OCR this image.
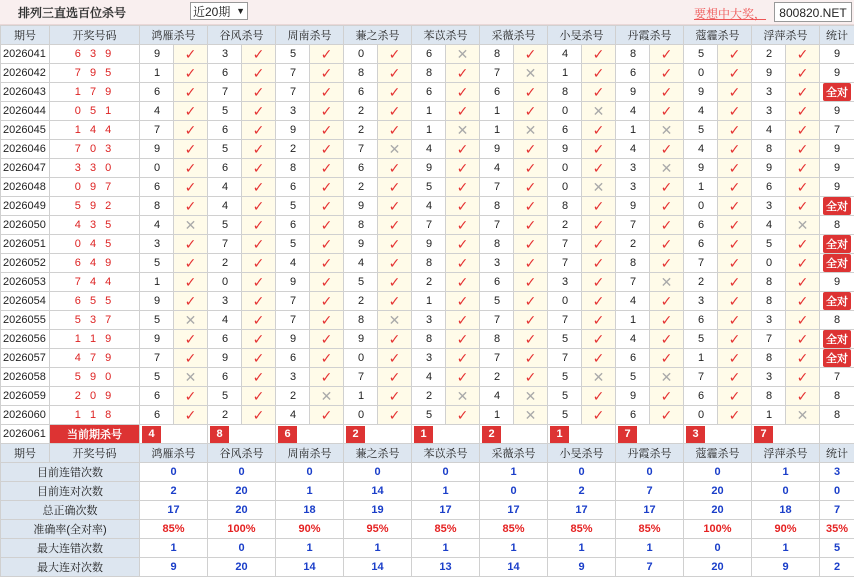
排列三直选百位杀号	近20期 ▼	要想中大奖，	800820.NET
期号	开奖号码	鸿雁杀号		谷风杀号		周南杀号		蒹之杀号		苯苡杀号		采薇杀号		小旻杀号		丹霞杀号		蔻霾杀号		浮萍杀号		统计
2026041	6 3 9	9	✓	3	✓	5	✓	0	✓	6	✕	8	✓	4	✓	8	✓	5	✓	2	✓	9
2026042	7 9 5	1	✓	6	✓	7	✓	8	✓	8	✓	7	✕	1	✓	6	✓	0	✓	9	✓	9
2026043	1 7 9	6	✓	7	✓	7	✓	6	✓	6	✓	6	✓	8	✓	9	✓	9	✓	3	✓	全对
2026044	0 5 1	4	✓	5	✓	3	✓	2	✓	1	✓	1	✓	0	✕	4	✓	4	✓	3	✓	9
2026045	1 4 4	7	✓	6	✓	9	✓	2	✓	1	✕	1	✕	6	✓	1	✕	5	✓	4	✓	7
2026046	7 0 3	9	✓	5	✓	2	✓	7	✕	4	✓	9	✓	9	✓	4	✓	4	✓	8	✓	9
2026047	3 3 0	0	✓	6	✓	8	✓	6	✓	9	✓	4	✓	0	✓	3	✕	9	✓	9	✓	9
2026048	0 9 7	6	✓	4	✓	6	✓	2	✓	5	✓	7	✓	0	✕	3	✓	1	✓	6	✓	9
2026049	5 9 2	8	✓	4	✓	5	✓	9	✓	4	✓	8	✓	8	✓	9	✓	0	✓	3	✓	全对
2026050	4 3 5	4	✕	5	✓	6	✓	8	✓	7	✓	7	✓	2	✓	7	✓	6	✓	4	✕	8
2026051	0 4 5	3	✓	7	✓	5	✓	9	✓	9	✓	8	✓	7	✓	2	✓	6	✓	5	✓	全对
2026052	6 4 9	5	✓	2	✓	4	✓	4	✓	8	✓	3	✓	7	✓	8	✓	7	✓	0	✓	全对
2026053	7 4 4	1	✓	0	✓	9	✓	5	✓	2	✓	6	✓	3	✓	7	✕	2	✓	8	✓	9
2026054	6 5 5	9	✓	3	✓	7	✓	2	✓	1	✓	5	✓	0	✓	4	✓	3	✓	8	✓	全对
2026055	5 3 7	5	✕	4	✓	7	✓	8	✕	3	✓	7	✓	7	✓	1	✓	6	✓	3	✓	8
2026056	1 1 9	9	✓	6	✓	9	✓	9	✓	8	✓	8	✓	5	✓	4	✓	5	✓	7	✓	全对
2026057	4 7 9	7	✓	9	✓	6	✓	0	✓	3	✓	7	✓	7	✓	6	✓	1	✓	8	✓	全对
2026058	5 9 0	5	✕	6	✓	3	✓	7	✓	4	✓	2	✓	5	✕	5	✕	7	✓	3	✓	7
2026059	2 0 9	6	✓	5	✓	2	✕	1	✓	2	✕	4	✕	5	✓	9	✓	6	✓	8	✓	8
2026060	1 1 8	6	✓	2	✓	4	✓	0	✓	5	✓	1	✕	5	✓	6	✓	0	✓	1	✕	8
2026061	当前期杀号	4		8		6		2		1		2		1		7		3		7		
期号	开奖号码	鸿雁杀号		谷风杀号		周南杀号		蒹之杀号		苯苡杀号		采薇杀号		小旻杀号		丹霞杀号		蔻霾杀号		浮萍杀号		统计
目前连错次数		0		0		0		0		0		1		0		0		0		1		3
目前连对次数		2		20		1		14		1		0		2		7		20		0		0
总正确次数		17		20		18		19		17		17		17		17		20		18		7
准确率(全对率)		85%		100%		90%		95%		85%		85%		85%		85%		100%		90%		35%
最大连错次数		1		0		1		1		1		1		1		1		0		1		5
最大连对次数		9		20		14		14		13		14		9		7		20		9		2
